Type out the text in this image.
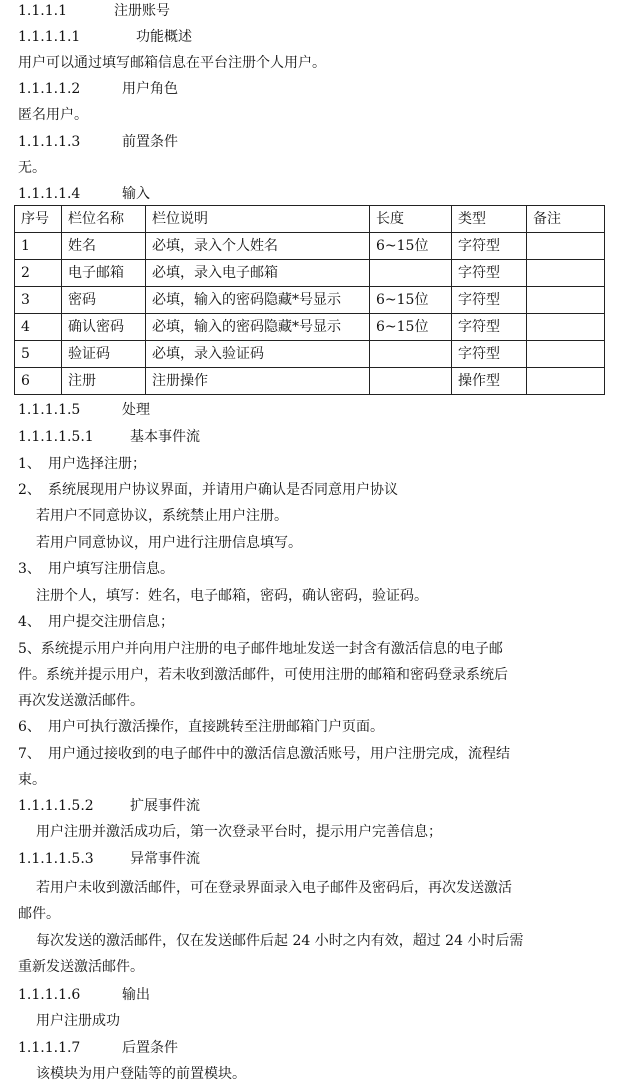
1.1.1.1	注册账号
1.1.1.1.1	功能概述
用户可以通过填写邮箱信息在平台注册个人用户。
1.1.1.1.2	用户角色
匿名用户。
1.1.1.1.3	前置条件
无。
1.1.1.1.4	输入
序号	栏位名称	栏位说明	长度	类型	备注
1	姓名	必填，录入个人姓名	6~15位	字符型	
2	电子邮箱	必填，录入电子邮箱		字符型	
3	密码	必填，输入的密码隐藏*号显示	6~15位	字符型	
4	确认密码	必填，输入的密码隐藏*号显示	6~15位	字符型	
5	验证码	必填，录入验证码		字符型	
6	注册	注册操作		操作型	
1.1.1.1.5	处理
1.1.1.1.5.1	基本事件流
1、 用户选择注册；
2、 系统展现用户协议界面，并请用户确认是否同意用户协议
若用户不同意协议，系统禁止用户注册。
若用户同意协议，用户进行注册信息填写。
3、 用户填写注册信息。
注册个人，填写：姓名，电子邮箱，密码，确认密码，验证码。
4、 用户提交注册信息；
5、系统提示用户并向用户注册的电子邮件地址发送一封含有激活信息的电子邮
件。系统并提示用户，若未收到激活邮件，可使用注册的邮箱和密码登录系统后
再次发送激活邮件。
6、 用户可执行激活操作，直接跳转至注册邮箱门户页面。
7、 用户通过接收到的电子邮件中的激活信息激活账号，用户注册完成，流程结
束。
1.1.1.1.5.2	扩展事件流
用户注册并激活成功后，第一次登录平台时，提示用户完善信息；
1.1.1.1.5.3	异常事件流
若用户未收到激活邮件，可在登录界面录入电子邮件及密码后，再次发送激活
邮件。
每次发送的激活邮件，仅在发送邮件后起 24 小时之内有效，超过 24 小时后需
重新发送激活邮件。
1.1.1.1.6	输出
用户注册成功
1.1.1.1.7	后置条件
该模块为用户登陆等的前置模块。
